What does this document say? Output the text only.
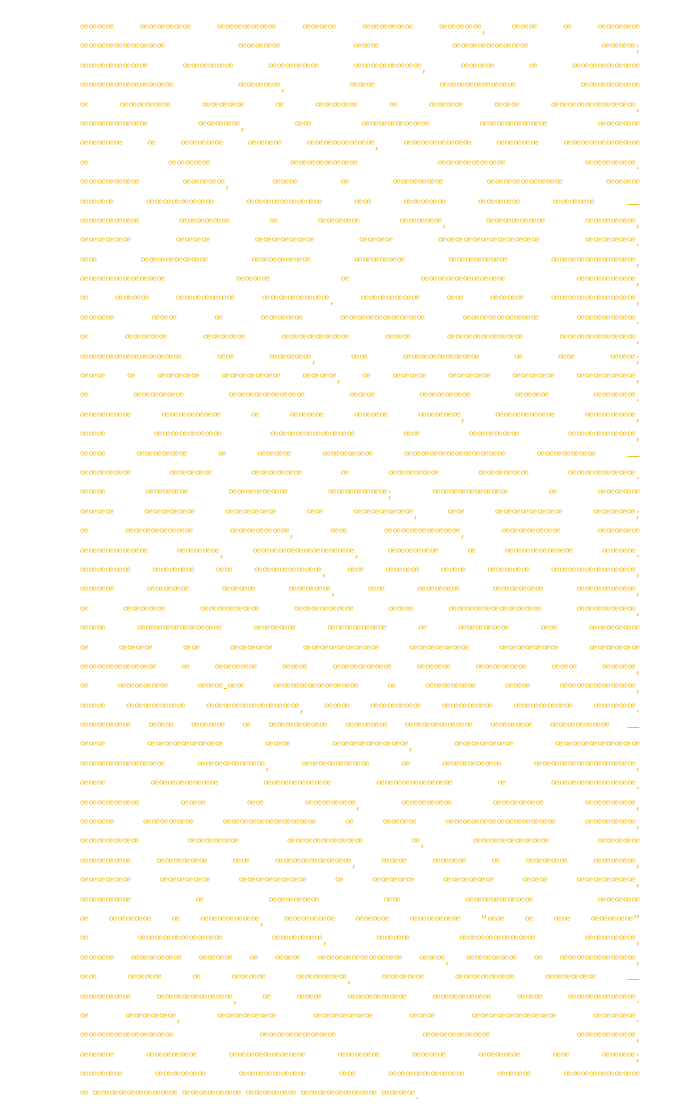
ꟹꟹꟹꟹ ꟹꟹꟹꟹꟹꟹ ꟹꟹꟹꟹꟹꟹꟹ ꟹꟹꟹꟹ ꟹꟹꟹꟹꟹꟹ ꟹꟹꟹꟹꟹ, ꟹꟹꟹ ꟹ ꟹꟹꟹꟹꟹ
ꟹꟹꟹꟹꟹꟹꟹꟹꟹꟹ ꟹꟹꟹꟹꟹ ꟹꟹꟹ ꟹꟹꟹꟹꟹꟹꟹꟹꟹ ꟹꟹꟹꟹ;
ꟹꟹꟹꟹꟹꟹꟹꟹ ꟹꟹꟹꟹꟹꟹ ꟹꟹꟹꟹꟹꟹ ꟹꟹꟹꟹꟹꟹꟹꟹ, ꟹꟹꟹꟹ ꟹ ꟹꟹꟹꟹꟹꟹꟹꟹ
ꟹꟹꟹꟹꟹꟹꟹꟹꟹꟹꟹ ꟹꟹꟹꟹꟹ, ꟹꟹꟹ ꟹꟹꟹꟹꟹꟹꟹꟹꟹ ꟹꟹꟹꟹꟹꟹꟹ
ꟹ ꟹꟹꟹꟹꟹꟹ ꟹꟹꟹꟹꟹ ꟹ ꟹꟹꟹꟹꟹ ꟹ ꟹꟹꟹꟹ ꟹꟹꟹ ꟹꟹꟹꟹꟹꟹꟹꟹꟹꟹ,
ꟹꟹꟹꟹꟹꟹꟹꟹ ꟹꟹꟹꟹꟹ, ꟹꟹ ꟹꟹꟹꟹꟹꟹꟹꟹ ꟹꟹꟹꟹꟹꟹꟹꟹ ꟹꟹꟹꟹꟹ
ꟹꟹꟹꟹꟹ ꟹ ꟹꟹꟹꟹꟹ ꟹꟹꟹꟹ ꟹꟹꟹꟹꟹꟹꟹꟹ, ꟹꟹꟹꟹꟹꟹꟹꟹ ꟹꟹꟹꟹꟹ ꟹꟹꟹꟹꟹꟹꟹꟹꟹ
ꟹ ꟹꟹꟹꟹꟹ ꟹꟹꟹꟹꟹꟹꟹꟹ ꟹꟹꟹꟹꟹꟹꟹꟹ ꟹꟹꟹꟹꟹꟹ.
ꟹꟹꟹꟹꟹꟹꟹ ꟹꟹꟹꟹꟹ, ꟹꟹꟹ ꟹ ꟹꟹꟹꟹꟹꟹ ꟹꟹꟹꟹꟹꟹꟹꟹꟹ ꟹꟹꟹꟹ
ꟹꟹꟹꟹ ꟹꟹꟹꟹꟹꟹꟹꟹ ꟹꟹꟹꟹꟹꟹꟹꟹꟹ ꟹꟹ ꟹꟹꟹꟹꟹ ꟹꟹꟹꟹꟹ ꟹꟹꟹꟹꟹ —
ꟹꟹꟹꟹꟹꟹꟹ ꟹꟹꟹꟹꟹꟹ ꟹ ꟹꟹꟹꟹꟹ ꟹꟹꟹꟹꟹ, ꟹꟹꟹꟹꟹꟹꟹ ꟹꟹꟹꟹꟹꟹ,
ꟹꟹꟹꟹꟹꟹ ꟹꟹꟹꟹ ꟹꟹꟹꟹꟹꟹꟹ ꟹꟹꟹꟹ ꟹꟹꟹꟹꟹꟹꟹꟹꟹꟹꟹꟹ ꟹꟹꟹꟹꟹꟹ.
ꟹꟹ ꟹꟹꟹꟹꟹꟹꟹꟹ ꟹꟹꟹꟹꟹꟹꟹ ꟹꟹꟹꟹꟹꟹ ꟹꟹꟹꟹꟹꟹꟹ ꟹꟹꟹꟹꟹꟹꟹꟹꟹꟹ,
ꟹꟹꟹꟹꟹꟹꟹꟹꟹꟹ ꟹꟹꟹꟹ ꟹ ꟹꟹꟹꟹꟹꟹꟹꟹꟹꟹ ꟹꟹꟹꟹꟹꟹꟹ,
ꟹ ꟹꟹꟹꟹ ꟹꟹꟹꟹꟹꟹꟹ ꟹꟹꟹꟹꟹꟹꟹꟹ, ꟹꟹꟹꟹꟹꟹꟹ ꟹꟹ ꟹꟹꟹꟹ ꟹꟹꟹꟹꟹꟹꟹꟹꟹꟹ,
ꟹꟹꟹꟹ ꟹꟹꟹ ꟹ ꟹꟹꟹꟹꟹ ꟹꟹꟹꟹꟹꟹꟹꟹꟹꟹ ꟹꟹꟹꟹꟹꟹꟹꟹꟹ ꟹꟹꟹꟹꟹꟹꟹ.
ꟹ ꟹꟹꟹꟹꟹ ꟹꟹꟹꟹꟹ ꟹꟹꟹꟹꟹꟹꟹꟹ ꟹꟹꟹ ꟹꟹꟹꟹꟹꟹꟹꟹꟹ ꟹꟹꟹꟹꟹꟹꟹꟹꟹ,
ꟹꟹꟹꟹꟹꟹꟹꟹꟹꟹꟹꟹ ꟹꟹ ꟹꟹꟹꟹꟹ, ꟹꟹ ꟹꟹꟹꟹꟹꟹꟹꟹꟹ ꟹ ꟹꟹ ꟹꟹꟹ;
ꟹꟹꟹ ꟹ ꟹꟹꟹꟹꟹ ꟹꟹꟹꟹꟹꟹꟹ ꟹꟹꟹꟹ, ꟹ ꟹꟹꟹꟹ ꟹꟹꟹꟹꟹ ꟹꟹꟹꟹꟹ ꟹꟹꟹꟹꟹꟹꟹ,
ꟹ ꟹꟹꟹꟹꟹꟹ ꟹꟹꟹꟹꟹꟹꟹꟹꟹ ꟹꟹꟹ ꟹꟹꟹꟹꟹꟹ ꟹꟹꟹꟹ ꟹꟹꟹꟹꟹ.
ꟹꟹꟹꟹꟹꟹ ꟹꟹꟹꟹꟹꟹꟹ ꟹ ꟹꟹꟹꟹ ꟹꟹꟹꟹ ꟹꟹꟹꟹꟹ, ꟹꟹꟹꟹꟹꟹꟹ ꟹꟹꟹꟹꟹꟹ,
ꟹꟹꟹ ꟹꟹꟹꟹꟹꟹꟹꟹ ꟹꟹꟹꟹꟹꟹꟹꟹꟹꟹ ꟹꟹ ꟹꟹꟹꟹꟹꟹ ꟹꟹꟹꟹꟹꟹꟹꟹ,
ꟹꟹꟹ ꟹꟹꟹꟹꟹꟹ ꟹ ꟹꟹꟹꟹ ꟹꟹꟹꟹꟹꟹ ꟹꟹꟹꟹꟹꟹꟹꟹꟹꟹꟹꟹ ꟹꟹꟹꟹꟹꟹꟹ —
ꟹꟹꟹꟹꟹꟹ ꟹꟹꟹꟹꟹ ꟹꟹꟹꟹꟹꟹ ꟹ ꟹꟹꟹꟹꟹꟹ ꟹꟹꟹꟹꟹꟹ ꟹꟹꟹꟹꟹꟹꟹꟹ.
ꟹꟹꟹ ꟹꟹꟹꟹꟹ ꟹꟹꟹꟹꟹꟹꟹ ꟹꟹꟹꟹꟹꟹꟹ; ꟹꟹꟹꟹꟹꟹꟹꟹꟹ ꟹ ꟹꟹꟹꟹꟹ
ꟹꟹꟹꟹ ꟹꟹꟹꟹꟹꟹ ꟹꟹꟹꟹꟹꟹ ꟹꟹ ꟹꟹꟹꟹꟹꟹꟹ, ꟹꟹ ꟹꟹꟹꟹꟹꟹꟹꟹ ꟹꟹꟹꟹꟹ;
ꟹ ꟹꟹꟹꟹꟹꟹꟹꟹ ꟹꟹꟹꟹꟹꟹꟹ, ꟹꟹ ꟹꟹꟹꟹꟹꟹꟹꟹꟹ, ꟹꟹꟹꟹꟹꟹꟹ ꟹꟹꟹꟹꟹ
ꟹꟹꟹꟹꟹꟹꟹꟹ ꟹꟹꟹꟹꟹ, ꟹꟹꟹꟹꟹꟹꟹꟹꟹꟹꟹꟹ, ꟹꟹꟹꟹꟹꟹ ꟹ ꟹꟹꟹꟹꟹꟹꟹꟹ ꟹꟹꟹꟹ.
ꟹꟹꟹꟹꟹꟹ ꟹꟹꟹꟹꟹ ꟹꟹ ꟹꟹꟹꟹꟹꟹꟹꟹ, ꟹꟹ ꟹꟹꟹꟹ ꟹꟹꟹ ꟹꟹꟹꟹꟹ ꟹꟹꟹꟹꟹꟹꟹꟹꟹꟹ,
ꟹꟹꟹꟹ ꟹꟹꟹꟹꟹ ꟹꟹꟹꟹ ꟹꟹꟹꟹꟹ, ꟹꟹ ꟹꟹꟹꟹꟹ ꟹꟹꟹꟹꟹꟹ ꟹꟹꟹꟹꟹꟹꟹ,
ꟹ ꟹꟹꟹꟹꟹ ꟹꟹꟹꟹꟹꟹꟹ ꟹꟹꟹꟹꟹꟹꟹ ꟹꟹꟹ ꟹꟹꟹꟹꟹꟹꟹꟹꟹꟹꟹ ꟹꟹꟹꟹꟹꟹꟹ,
ꟹꟹꟹ ꟹꟹꟹꟹꟹꟹꟹꟹꟹꟹ ꟹꟹꟹꟹꟹ ꟹꟹꟹꟹꟹꟹꟹ ꟹ ꟹꟹꟹꟹꟹꟹ ꟹꟹ ꟹꟹꟹꟹꟹꟹ
ꟹ ꟹꟹꟹꟹ ꟹꟹ ꟹꟹꟹꟹꟹ ꟹꟹꟹꟹꟹꟹꟹꟹꟹ ꟹꟹꟹꟹꟹꟹꟹ ꟹꟹꟹꟹꟹꟹꟹ ꟹꟹꟹꟹꟹꟹ
ꟹꟹꟹꟹꟹꟹꟹꟹꟹ ꟹ ꟹꟹꟹꟹꟹ ꟹꟹꟹ ꟹꟹꟹꟹꟹꟹꟹ ꟹꟹꟹꟹ ꟹꟹꟹꟹꟹꟹ ꟹꟹꟹ ꟹꟹꟹꟹ,
ꟹ ꟹꟹꟹꟹꟹꟹ ꟹꟹꟹ-ꟹꟹ ꟹꟹꟹꟹꟹꟹꟹꟹꟹꟹ ꟹ ꟹꟹꟹꟹꟹꟹ ꟹꟹꟹ ꟹꟹꟹꟹꟹꟹꟹꟹꟹ,
ꟹꟹꟹ ꟹꟹꟹꟹꟹꟹꟹ ꟹꟹꟹꟹꟹꟹꟹꟹꟹꟹꟹ, ꟹꟹꟹ ꟹꟹꟹꟹꟹꟹ ꟹꟹꟹꟹꟹꟹ ꟹꟹꟹꟹꟹꟹꟹ ꟹꟹꟹꟹꟹ.
ꟹꟹꟹꟹꟹꟹ ꟹꟹꟹ ꟹꟹꟹꟹ ꟹ ꟹꟹꟹꟹꟹꟹꟹ ꟹꟹꟹꟹꟹ ꟹꟹꟹꟹꟹꟹꟹꟹ ꟹꟹꟹꟹꟹ ꟹꟹꟹꟹꟹꟹꟹ —
ꟹꟹꟹ ꟹꟹꟹꟹꟹꟹꟹꟹꟹ ꟹꟹꟹ ꟹꟹꟹꟹꟹꟹꟹꟹꟹ, ꟹꟹꟹꟹꟹꟹꟹ ꟹꟹꟹꟹꟹꟹꟹꟹꟹꟹ
ꟹꟹꟹꟹꟹꟹꟹꟹꟹꟹ ꟹꟹꟹꟹꟹꟹꟹꟹ, ꟹꟹꟹꟹꟹꟹꟹꟹ ꟹ ꟹꟹꟹꟹꟹꟹꟹ ꟹꟹꟹꟹꟹꟹꟹꟹꟹꟹꟹꟹ,
ꟹꟹꟹ ꟹꟹꟹꟹꟹꟹꟹꟹ ꟹꟹꟹꟹꟹꟹꟹꟹ ꟹꟹꟹꟹꟹꟹꟹꟹꟹ ꟹ ꟹꟹꟹꟹꟹꟹꟹꟹꟹꟹ.
ꟹꟹꟹꟹꟹꟹꟹ ꟹꟹꟹ ꟹꟹ ꟹꟹꟹꟹꟹꟹ, ꟹꟹꟹꟹꟹꟹ ꟹꟹꟹꟹꟹꟹ ꟹꟹꟹꟹꟹꟹ,
ꟹꟹꟹꟹ ꟹꟹꟹꟹꟹꟹ ꟹꟹꟹꟹꟹꟹꟹꟹꟹꟹꟹ ꟹ ꟹꟹꟹꟹ ꟹꟹꟹꟹꟹꟹꟹꟹꟹꟹꟹꟹꟹ ꟹꟹꟹꟹꟹꟹ,
ꟹꟹꟹꟹꟹꟹꟹ ꟹꟹꟹꟹꟹꟹ ꟹꟹꟹꟹꟹꟹꟹꟹꟹ ꟹ, ꟹꟹꟹꟹꟹꟹꟹꟹꟹ ꟹꟹꟹꟹꟹ
ꟹꟹꟹꟹꟹꟹ ꟹꟹꟹꟹꟹꟹ ꟹꟹ ꟹꟹꟹꟹꟹꟹꟹꟹꟹ, ꟹꟹꟹ ꟹꟹꟹꟹ ꟹ ꟹꟹꟹꟹꟹ ꟹꟹꟹꟹꟹ,
ꟹꟹꟹꟹꟹꟹ ꟹꟹꟹꟹꟹꟹ ꟹꟹꟹꟹꟹꟹꟹꟹ ꟹ ꟹꟹꟹꟹꟹ ꟹꟹꟹꟹꟹꟹ ꟹꟹꟹ ꟹꟹꟹꟹꟹꟹꟹ,
ꟹꟹꟹꟹꟹꟹ ꟹ ꟹꟹꟹꟹꟹꟹ ꟹꟹ ꟹꟹꟹꟹꟹꟹꟹꟹ ꟹꟹꟹꟹꟹ
ꟹ ꟹꟹꟹꟹꟹ ꟹ ꟹꟹꟹꟹꟹꟹꟹ, ꟹꟹꟹꟹꟹꟹ ꟹꟹꟹꟹ ꟹꟹꟹꟹꟹꟹ “ꟹꟹ ꟹ ꟹꟹ ꟹꟹꟹꟹꟹ”
ꟹ ꟹꟹꟹꟹꟹꟹꟹꟹꟹꟹ ꟹꟹꟹꟹꟹꟹ, ꟹꟹꟹꟹ ꟹꟹꟹꟹꟹꟹꟹꟹꟹ ꟹꟹꟹꟹꟹꟹ,
ꟹꟹꟹꟹ ꟹꟹꟹꟹꟹꟹ ꟹꟹꟹꟹ ꟹ ꟹꟹꟹ ꟹꟹꟹꟹꟹꟹꟹꟹꟹꟹ ꟹꟹꟹ, ꟹꟹꟹꟹꟹꟹ ꟹ ꟹꟹꟹꟹꟹꟹꟹꟹꟹ,
ꟹꟹ ꟹꟹꟹꟹ ꟹ ꟹꟹꟹꟹ ꟹꟹꟹꟹꟹꟹ, ꟹꟹꟹꟹꟹ ꟹꟹꟹꟹꟹꟹꟹ ꟹꟹꟹꟹꟹꟹ —
ꟹꟹꟹꟹꟹꟹ ꟹꟹꟹꟹꟹꟹꟹꟹꟹ, ꟹ ꟹꟹꟹ ꟹꟹꟹꟹꟹꟹꟹ ꟹꟹꟹꟹꟹꟹꟹ ꟹꟹꟹ ꟹꟹꟹꟹꟹꟹꟹꟹ.
ꟹ ꟹꟹꟹꟹꟹꟹ, ꟹꟹꟹꟹꟹꟹꟹ ꟹꟹꟹꟹꟹꟹꟹ ꟹꟹꟹ ꟹꟹꟹꟹꟹꟹꟹꟹꟹꟹ ꟹꟹꟹꟹꟹ.
ꟹꟹꟹꟹꟹꟹꟹꟹꟹꟹꟹ ꟹꟹꟹꟹꟹꟹꟹꟹꟹ ꟹꟹꟹꟹꟹꟹꟹꟹ ꟹꟹꟹꟹꟹꟹꟹ,
ꟹꟹꟹꟹ ꟹꟹꟹꟹꟹꟹ ꟹꟹꟹꟹꟹꟹꟹꟹꟹ ꟹꟹꟹꟹꟹ ꟹꟹꟹꟹ ꟹꟹꟹꟹꟹ ꟹꟹ ꟹꟹꟹꟹ;
ꟹꟹꟹꟹꟹ ꟹꟹꟹꟹꟹꟹ ꟹꟹꟹꟹꟹꟹꟹꟹ ꟹꟹ ꟹꟹꟹꟹꟹꟹꟹꟹꟹ ꟹꟹꟹꟹ ꟹꟹꟹꟹꟹꟹꟹꟹꟹ
ꟹ ꟹꟹꟹꟹꟹꟹꟹꟹꟹꟹ ꟹꟹꟹꟹꟹꟹꟹ ꟹꟹꟹꟹꟹꟹ ꟹꟹꟹꟹꟹꟹꟹꟹꟹ ꟹꟹꟹꟹ.
